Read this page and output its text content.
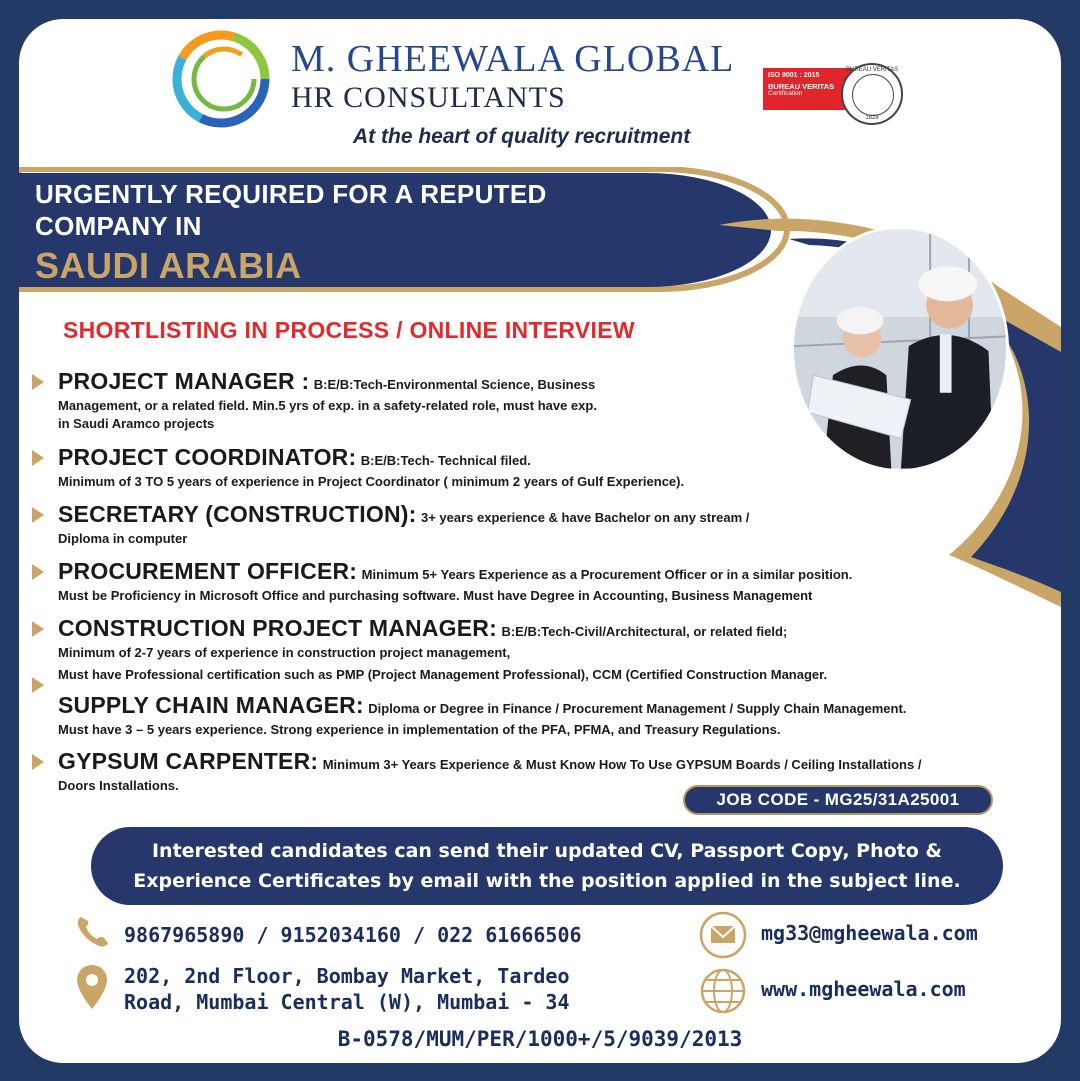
M. GHEEWALA GLOBAL
HR CONSULTANTS
At the heart of quality recruitment
ISO 9001 : 2015
BUREAU VERITAS
Certification
BUREAU VERITAS
1828
URGENTLY REQUIRED FOR A REPUTED COMPANY IN
SAUDI ARABIA
SHORTLISTING IN PROCESS / ONLINE INTERVIEW
PROJECT MANAGER : B:E/B:Tech-Environmental Science, Business
Management, or a related field. Min.5 yrs of exp. in a safety-related role, must have exp.
in Saudi Aramco projects
PROJECT COORDINATOR: B:E/B:Tech- Technical filed.
Minimum of 3 TO 5 years of experience in Project Coordinator ( minimum 2 years of Gulf Experience).
SECRETARY (CONSTRUCTION): 3+ years experience & have Bachelor on any stream /
Diploma in computer
PROCUREMENT OFFICER: Minimum 5+ Years Experience as a Procurement Officer or in a similar position.
Must be Proficiency in Microsoft Office and purchasing software. Must have Degree in Accounting, Business Management
CONSTRUCTION PROJECT MANAGER: B:E/B:Tech-Civil/Architectural, or related field;
Minimum of 2-7 years of experience in construction project management,
Must have Professional certification such as PMP (Project Management Professional), CCM (Certified Construction Manager.
SUPPLY CHAIN MANAGER: Diploma or Degree in Finance / Procurement Management / Supply Chain Management.
Must have 3 – 5 years experience. Strong experience in implementation of the PFA, PFMA, and Treasury Regulations.
GYPSUM CARPENTER: Minimum 3+ Years Experience & Must Know How To Use GYPSUM Boards / Ceiling Installations /
Doors Installations.
JOB CODE - MG25/31A25001
Interested candidates can send their updated CV, Passport Copy, Photo &
Experience Certificates by email with the position applied in the subject line.
9867965890 / 9152034160 / 022 61666506
202, 2nd Floor, Bombay Market, Tardeo
Road, Mumbai Central (W), Mumbai - 34
mg33@mgheewala.com
www.mgheewala.com
B-0578/MUM/PER/1000+/5/9039/2013
